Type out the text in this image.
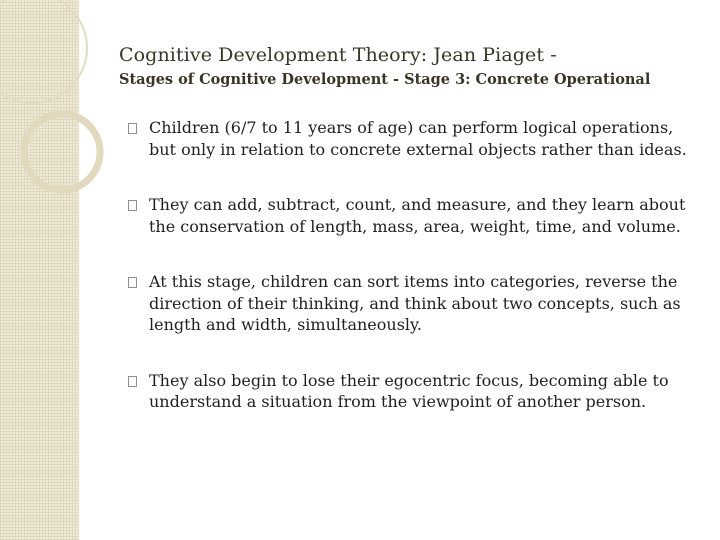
Cognitive Development Theory: Jean Piaget -
Stages of Cognitive Development - Stage 3: Concrete Operational
Children (6/7 to 11 years of age) can perform logical operations, but only in relation to concrete external objects rather than ideas.
They can add, subtract, count, and measure, and they learn about the conservation of length, mass, area, weight, time, and volume.
At this stage, children can sort items into categories, reverse the direction of their thinking, and think about two concepts, such as length and width, simultaneously.
They also begin to lose their egocentric focus, becoming able to understand a situation from the viewpoint of another person.
